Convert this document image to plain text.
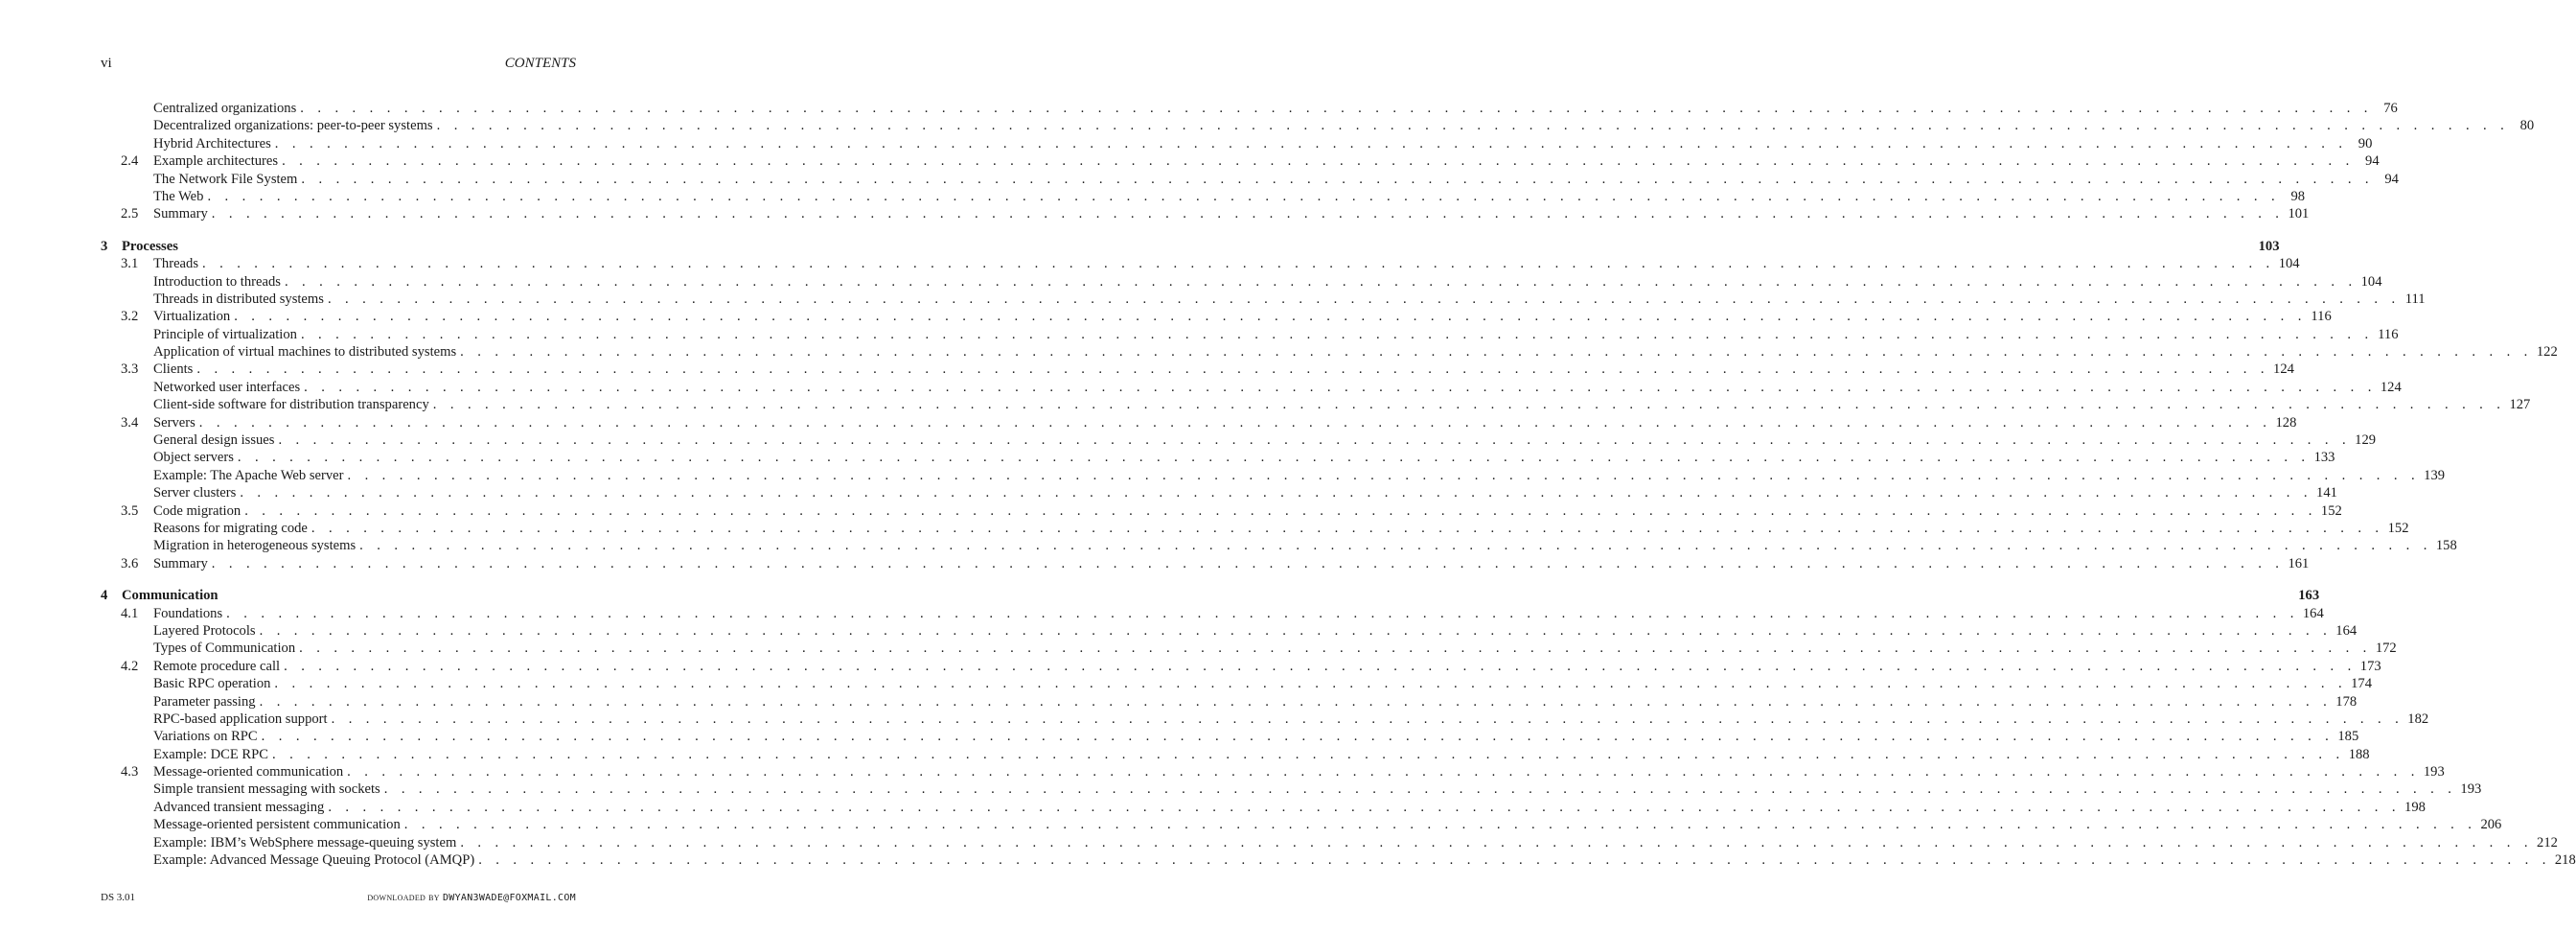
vi	CONTENTS
Centralized organizations . . . . . . . . . . . . . . . . . . . . . . . . . . . . . . . . . . . . . . . . . . . . . . . . . . . . . . . . . . . . . . . . . . . . . . . . . . . . . . . . . . . . . . . . . . . . . . . . . . . . . . . . . . . . . . . . . . . . . . . . 76
Decentralized organizations: peer-to-peer systems . . . . . . . . . . . . . . . . . . . . . . . . . . . . . . . . . . . . . . . . . . . . . . . . . . . . . . . . . . . . . . . . . . . . . . . . . . . . . . . . . . . . . . . . . . . . . . . . . . . . . . . . . . . . . . . . . . . . . . . . 80
Hybrid Architectures . . . . . . . . . . . . . . . . . . . . . . . . . . . . . . . . . . . . . . . . . . . . . . . . . . . . . . . . . . . . . . . . . . . . . . . . . . . . . . . . . . . . . . . . . . . . . . . . . . . . . . . . . . . . . . . . . . . . . . . . 90
2.4 Example architectures . . . . . . . . . . . . . . . . . . . . . . . . . . . . . . . . . . . . . . . . . . . . . . . . . . . . . . . . . . . . . . . . . . . . . . . . . . . . . . . . . . . . . . . . . . . . . . . . . . . . . . . . . . . . . . . . . . . . . . . . 94
The Network File System . . . . . . . . . . . . . . . . . . . . . . . . . . . . . . . . . . . . . . . . . . . . . . . . . . . . . . . . . . . . . . . . . . . . . . . . . . . . . . . . . . . . . . . . . . . . . . . . . . . . . . . . . . . . . . . . . . . . . . . . 94
The Web . . . . . . . . . . . . . . . . . . . . . . . . . . . . . . . . . . . . . . . . . . . . . . . . . . . . . . . . . . . . . . . . . . . . . . . . . . . . . . . . . . . . . . . . . . . . . . . . . . . . . . . . . . . . . . . . . . . . . . . . 98
2.5 Summary . . . . . . . . . . . . . . . . . . . . . . . . . . . . . . . . . . . . . . . . . . . . . . . . . . . . . . . . . . . . . . . . . . . . . . . . . . . . . . . . . . . . . . . . . . . . . . . . . . . . . . . . . . . . . . . . . . . . . . . . 101
3 Processes	103
3.1 Threads . . . . . . . . . . . . . . . . . . . . . . . . . . . . . . . . . . . . . . . . . . . . . . . . . . . . . . . . . . . . . . . . . . . . . . . . . . . . . . . . . . . . . . . . . . . . . . . . . . . . . . . . . . . . . . . . . . . . . . . . 104
Introduction to threads . . . . . . . . . . . . . . . . . . . . . . . . . . . . . . . . . . . . . . . . . . . . . . . . . . . . . . . . . . . . . . . . . . . . . . . . . . . . . . . . . . . . . . . . . . . . . . . . . . . . . . . . . . . . . . . . . . . . . . . . 104
Threads in distributed systems . . . . . . . . . . . . . . . . . . . . . . . . . . . . . . . . . . . . . . . . . . . . . . . . . . . . . . . . . . . . . . . . . . . . . . . . . . . . . . . . . . . . . . . . . . . . . . . . . . . . . . . . . . . . . . . . . . . . . . . . 111
3.2 Virtualization . . . . . . . . . . . . . . . . . . . . . . . . . . . . . . . . . . . . . . . . . . . . . . . . . . . . . . . . . . . . . . . . . . . . . . . . . . . . . . . . . . . . . . . . . . . . . . . . . . . . . . . . . . . . . . . . . . . . . . . . 116
Principle of virtualization . . . . . . . . . . . . . . . . . . . . . . . . . . . . . . . . . . . . . . . . . . . . . . . . . . . . . . . . . . . . . . . . . . . . . . . . . . . . . . . . . . . . . . . . . . . . . . . . . . . . . . . . . . . . . . . . . . . . . . . . 116
Application of virtual machines to distributed systems . . . . . . . . . . . . . . . . . . . . . . . . . . . . . . . . . . . . . . . . . . . . . . . . . . . . . . . . . . . . . . . . . . . . . . . . . . . . . . . . . . . . . . . . . . . . . . . . . . . . . . . . . . . . . . . . . . . . . . . . 122
3.3 Clients . . . . . . . . . . . . . . . . . . . . . . . . . . . . . . . . . . . . . . . . . . . . . . . . . . . . . . . . . . . . . . . . . . . . . . . . . . . . . . . . . . . . . . . . . . . . . . . . . . . . . . . . . . . . . . . . . . . . . . . . 124
Networked user interfaces . . . . . . . . . . . . . . . . . . . . . . . . . . . . . . . . . . . . . . . . . . . . . . . . . . . . . . . . . . . . . . . . . . . . . . . . . . . . . . . . . . . . . . . . . . . . . . . . . . . . . . . . . . . . . . . . . . . . . . . . 124
Client-side software for distribution transparency . . . . . . . . . . . . . . . . . . . . . . . . . . . . . . . . . . . . . . . . . . . . . . . . . . . . . . . . . . . . . . . . . . . . . . . . . . . . . . . . . . . . . . . . . . . . . . . . . . . . . . . . . . . . . . . . . . . . . . . . 127
3.4 Servers . . . . . . . . . . . . . . . . . . . . . . . . . . . . . . . . . . . . . . . . . . . . . . . . . . . . . . . . . . . . . . . . . . . . . . . . . . . . . . . . . . . . . . . . . . . . . . . . . . . . . . . . . . . . . . . . . . . . . . . . 128
General design issues . . . . . . . . . . . . . . . . . . . . . . . . . . . . . . . . . . . . . . . . . . . . . . . . . . . . . . . . . . . . . . . . . . . . . . . . . . . . . . . . . . . . . . . . . . . . . . . . . . . . . . . . . . . . . . . . . . . . . . . . 129
Object servers . . . . . . . . . . . . . . . . . . . . . . . . . . . . . . . . . . . . . . . . . . . . . . . . . . . . . . . . . . . . . . . . . . . . . . . . . . . . . . . . . . . . . . . . . . . . . . . . . . . . . . . . . . . . . . . . . . . . . . . . 133
Example: The Apache Web server . . . . . . . . . . . . . . . . . . . . . . . . . . . . . . . . . . . . . . . . . . . . . . . . . . . . . . . . . . . . . . . . . . . . . . . . . . . . . . . . . . . . . . . . . . . . . . . . . . . . . . . . . . . . . . . . . . . . . . . . 139
Server clusters . . . . . . . . . . . . . . . . . . . . . . . . . . . . . . . . . . . . . . . . . . . . . . . . . . . . . . . . . . . . . . . . . . . . . . . . . . . . . . . . . . . . . . . . . . . . . . . . . . . . . . . . . . . . . . . . . . . . . . . . 141
3.5 Code migration . . . . . . . . . . . . . . . . . . . . . . . . . . . . . . . . . . . . . . . . . . . . . . . . . . . . . . . . . . . . . . . . . . . . . . . . . . . . . . . . . . . . . . . . . . . . . . . . . . . . . . . . . . . . . . . . . . . . . . . . 152
Reasons for migrating code . . . . . . . . . . . . . . . . . . . . . . . . . . . . . . . . . . . . . . . . . . . . . . . . . . . . . . . . . . . . . . . . . . . . . . . . . . . . . . . . . . . . . . . . . . . . . . . . . . . . . . . . . . . . . . . . . . . . . . . . 152
Migration in heterogeneous systems . . . . . . . . . . . . . . . . . . . . . . . . . . . . . . . . . . . . . . . . . . . . . . . . . . . . . . . . . . . . . . . . . . . . . . . . . . . . . . . . . . . . . . . . . . . . . . . . . . . . . . . . . . . . . . . . . . . . . . . . 158
3.6 Summary . . . . . . . . . . . . . . . . . . . . . . . . . . . . . . . . . . . . . . . . . . . . . . . . . . . . . . . . . . . . . . . . . . . . . . . . . . . . . . . . . . . . . . . . . . . . . . . . . . . . . . . . . . . . . . . . . . . . . . . . 161
4 Communication	163
4.1 Foundations . . . . . . . . . . . . . . . . . . . . . . . . . . . . . . . . . . . . . . . . . . . . . . . . . . . . . . . . . . . . . . . . . . . . . . . . . . . . . . . . . . . . . . . . . . . . . . . . . . . . . . . . . . . . . . . . . . . . . . . . 164
Layered Protocols . . . . . . . . . . . . . . . . . . . . . . . . . . . . . . . . . . . . . . . . . . . . . . . . . . . . . . . . . . . . . . . . . . . . . . . . . . . . . . . . . . . . . . . . . . . . . . . . . . . . . . . . . . . . . . . . . . . . . . . . 164
Types of Communication . . . . . . . . . . . . . . . . . . . . . . . . . . . . . . . . . . . . . . . . . . . . . . . . . . . . . . . . . . . . . . . . . . . . . . . . . . . . . . . . . . . . . . . . . . . . . . . . . . . . . . . . . . . . . . . . . . . . . . . . 172
4.2 Remote procedure call . . . . . . . . . . . . . . . . . . . . . . . . . . . . . . . . . . . . . . . . . . . . . . . . . . . . . . . . . . . . . . . . . . . . . . . . . . . . . . . . . . . . . . . . . . . . . . . . . . . . . . . . . . . . . . . . . . . . . . . . 173
Basic RPC operation . . . . . . . . . . . . . . . . . . . . . . . . . . . . . . . . . . . . . . . . . . . . . . . . . . . . . . . . . . . . . . . . . . . . . . . . . . . . . . . . . . . . . . . . . . . . . . . . . . . . . . . . . . . . . . . . . . . . . . . . 174
Parameter passing . . . . . . . . . . . . . . . . . . . . . . . . . . . . . . . . . . . . . . . . . . . . . . . . . . . . . . . . . . . . . . . . . . . . . . . . . . . . . . . . . . . . . . . . . . . . . . . . . . . . . . . . . . . . . . . . . . . . . . . . 178
RPC-based application support . . . . . . . . . . . . . . . . . . . . . . . . . . . . . . . . . . . . . . . . . . . . . . . . . . . . . . . . . . . . . . . . . . . . . . . . . . . . . . . . . . . . . . . . . . . . . . . . . . . . . . . . . . . . . . . . . . . . . . . . 182
Variations on RPC . . . . . . . . . . . . . . . . . . . . . . . . . . . . . . . . . . . . . . . . . . . . . . . . . . . . . . . . . . . . . . . . . . . . . . . . . . . . . . . . . . . . . . . . . . . . . . . . . . . . . . . . . . . . . . . . . . . . . . . . 185
Example: DCE RPC . . . . . . . . . . . . . . . . . . . . . . . . . . . . . . . . . . . . . . . . . . . . . . . . . . . . . . . . . . . . . . . . . . . . . . . . . . . . . . . . . . . . . . . . . . . . . . . . . . . . . . . . . . . . . . . . . . . . . . . . 188
4.3 Message-oriented communication . . . . . . . . . . . . . . . . . . . . . . . . . . . . . . . . . . . . . . . . . . . . . . . . . . . . . . . . . . . . . . . . . . . . . . . . . . . . . . . . . . . . . . . . . . . . . . . . . . . . . . . . . . . . . . . . . . . . . . . . 193
Simple transient messaging with sockets . . . . . . . . . . . . . . . . . . . . . . . . . . . . . . . . . . . . . . . . . . . . . . . . . . . . . . . . . . . . . . . . . . . . . . . . . . . . . . . . . . . . . . . . . . . . . . . . . . . . . . . . . . . . . . . . . . . . . . . . 193
Advanced transient messaging . . . . . . . . . . . . . . . . . . . . . . . . . . . . . . . . . . . . . . . . . . . . . . . . . . . . . . . . . . . . . . . . . . . . . . . . . . . . . . . . . . . . . . . . . . . . . . . . . . . . . . . . . . . . . . . . . . . . . . . . 198
Message-oriented persistent communication . . . . . . . . . . . . . . . . . . . . . . . . . . . . . . . . . . . . . . . . . . . . . . . . . . . . . . . . . . . . . . . . . . . . . . . . . . . . . . . . . . . . . . . . . . . . . . . . . . . . . . . . . . . . . . . . . . . . . . . . 206
Example: IBM’s WebSphere message-queuing system . . . . . . . . . . . . . . . . . . . . . . . . . . . . . . . . . . . . . . . . . . . . . . . . . . . . . . . . . . . . . . . . . . . . . . . . . . . . . . . . . . . . . . . . . . . . . . . . . . . . . . . . . . . . . . . . . . . . . . . . 212
Example: Advanced Message Queuing Protocol (AMQP) . . . . . . . . . . . . . . . . . . . . . . . . . . . . . . . . . . . . . . . . . . . . . . . . . . . . . . . . . . . . . . . . . . . . . . . . . . . . . . . . . . . . . . . . . . . . . . . . . . . . . . . . . . . . . . . . . . . . . . . . 218
DS 3.01	downloaded by DWYAN3WADE@FOXMAIL.COM
